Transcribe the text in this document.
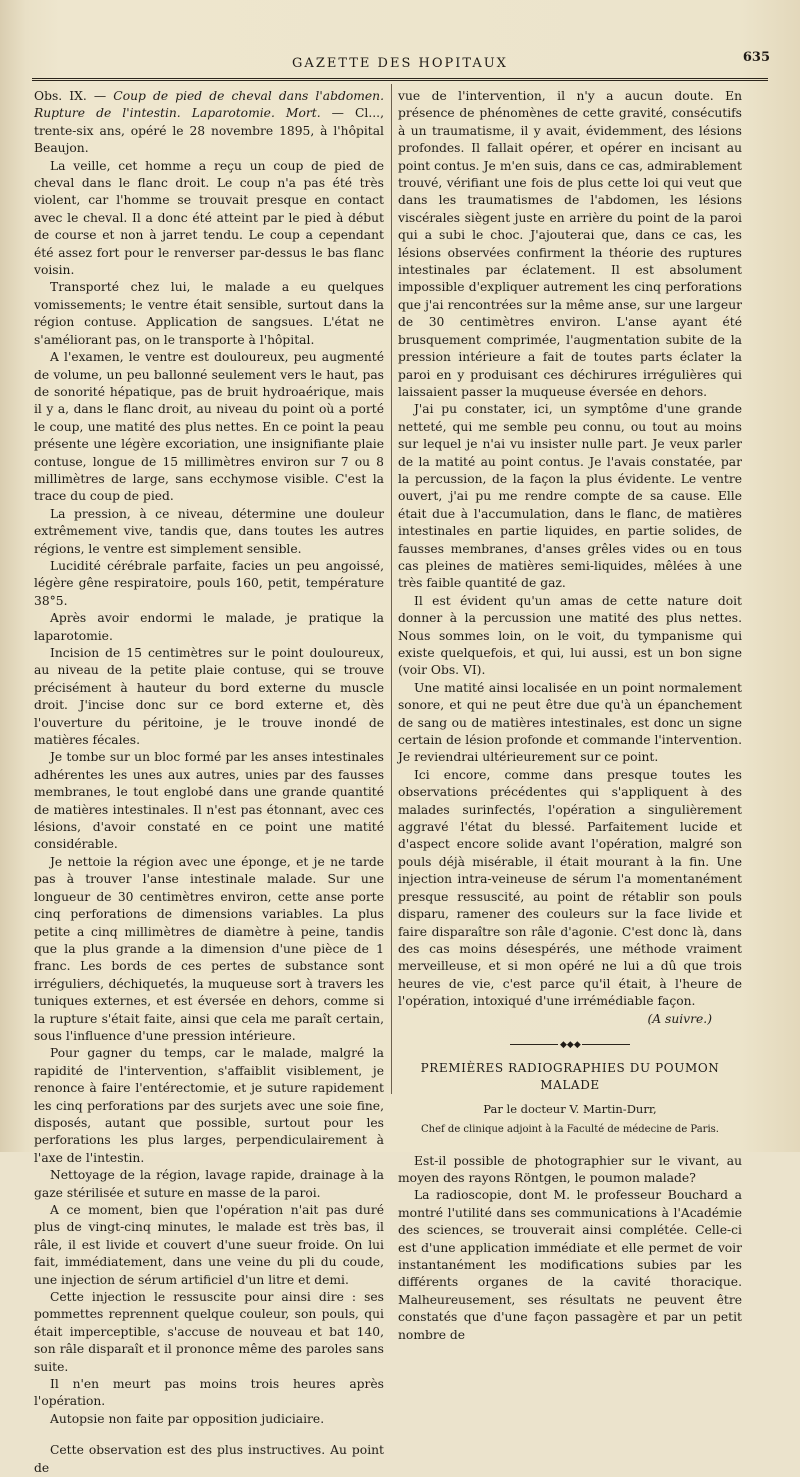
GAZETTE DES HOPITAUX	635

Obs. IX. — Coup de pied de cheval dans l'abdomen. Rupture de l'intestin. Laparotomie. Mort. — Cl..., trente-six ans, opéré le 28 novembre 1895, à l'hôpital Beaujon.

La veille, cet homme a reçu un coup de pied de cheval dans le flanc droit. Le coup n'a pas été très violent, car l'homme se trouvait presque en contact avec le cheval. Il a donc été atteint par le pied à début de course et non à jarret tendu. Le coup a cependant été assez fort pour le renverser par-dessus le bas flanc voisin.

Transporté chez lui, le malade a eu quelques vomissements; le ventre était sensible, surtout dans la région contuse. Application de sangsues. L'état ne s'améliorant pas, on le transporte à l'hôpital.

A l'examen, le ventre est douloureux, peu augmenté de volume, un peu ballonné seulement vers le haut, pas de sonorité hépatique, pas de bruit hydroaérique, mais il y a, dans le flanc droit, au niveau du point où a porté le coup, une matité des plus nettes. En ce point la peau présente une légère excoriation, une insignifiante plaie contuse, longue de 15 millimètres environ sur 7 ou 8 millimètres de large, sans ecchymose visible. C'est la trace du coup de pied.

La pression, à ce niveau, détermine une douleur extrêmement vive, tandis que, dans toutes les autres régions, le ventre est simplement sensible.

Lucidité cérébrale parfaite, facies un peu angoissé, légère gêne respiratoire, pouls 160, petit, température 38°5.

Après avoir endormi le malade, je pratique la laparotomie.

Incision de 15 centimètres sur le point douloureux, au niveau de la petite plaie contuse, qui se trouve précisément à hauteur du bord externe du muscle droit. J'incise donc sur ce bord externe et, dès l'ouverture du péritoine, je le trouve inondé de matières fécales.

Je tombe sur un bloc formé par les anses intestinales adhérentes les unes aux autres, unies par des fausses membranes, le tout englobé dans une grande quantité de matières intestinales. Il n'est pas étonnant, avec ces lésions, d'avoir constaté en ce point une matité considérable.

Je nettoie la région avec une éponge, et je ne tarde pas à trouver l'anse intestinale malade. Sur une longueur de 30 centimètres environ, cette anse porte cinq perforations de dimensions variables. La plus petite a cinq millimètres de diamètre à peine, tandis que la plus grande a la dimension d'une pièce de 1 franc. Les bords de ces pertes de substance sont irréguliers, déchiquetés, la muqueuse sort à travers les tuniques externes, et est éversée en dehors, comme si la rupture s'était faite, ainsi que cela me paraît certain, sous l'influence d'une pression intérieure.

Pour gagner du temps, car le malade, malgré la rapidité de l'intervention, s'affaiblit visiblement, je renonce à faire l'entérectomie, et je suture rapidement les cinq perforations par des surjets avec une soie fine, disposés, autant que possible, surtout pour les perforations les plus larges, perpendiculairement à l'axe de l'intestin.

Nettoyage de la région, lavage rapide, drainage à la gaze stérilisée et suture en masse de la paroi.

A ce moment, bien que l'opération n'ait pas duré plus de vingt-cinq minutes, le malade est très bas, il râle, il est livide et couvert d'une sueur froide. On lui fait, immédiatement, dans une veine du pli du coude, une injection de sérum artificiel d'un litre et demi.

Cette injection le ressuscite pour ainsi dire : ses pommettes reprennent quelque couleur, son pouls, qui était imperceptible, s'accuse de nouveau et bat 140, son râle disparaît et il prononce même des paroles sans suite.

Il n'en meurt pas moins trois heures après l'opération.

Autopsie non faite par opposition judiciaire.

Cette observation est des plus instructives. Au point de

vue de l'intervention, il n'y a aucun doute. En présence de phénomènes de cette gravité, consécutifs à un traumatisme, il y avait, évidemment, des lésions profondes. Il fallait opérer, et opérer en incisant au point contus. Je m'en suis, dans ce cas, admirablement trouvé, vérifiant une fois de plus cette loi qui veut que dans les traumatismes de l'abdomen, les lésions viscérales siègent juste en arrière du point de la paroi qui a subi le choc. J'ajouterai que, dans ce cas, les lésions observées confirment la théorie des ruptures intestinales par éclatement. Il est absolument impossible d'expliquer autrement les cinq perforations que j'ai rencontrées sur la même anse, sur une largeur de 30 centimètres environ. L'anse ayant été brusquement comprimée, l'augmentation subite de la pression intérieure a fait de toutes parts éclater la paroi en y produisant ces déchirures irrégulières qui laissaient passer la muqueuse éversée en dehors.

J'ai pu constater, ici, un symptôme d'une grande netteté, qui me semble peu connu, ou tout au moins sur lequel je n'ai vu insister nulle part. Je veux parler de la matité au point contus. Je l'avais constatée, par la percussion, de la façon la plus évidente. Le ventre ouvert, j'ai pu me rendre compte de sa cause. Elle était due à l'accumulation, dans le flanc, de matières intestinales en partie liquides, en partie solides, de fausses membranes, d'anses grêles vides ou en tous cas pleines de matières semi-liquides, mêlées à une très faible quantité de gaz.

Il est évident qu'un amas de cette nature doit donner à la percussion une matité des plus nettes. Nous sommes loin, on le voit, du tympanisme qui existe quelquefois, et qui, lui aussi, est un bon signe (voir Obs. VI).

Une matité ainsi localisée en un point normalement sonore, et qui ne peut être due qu'à un épanchement de sang ou de matières intestinales, est donc un signe certain de lésion profonde et commande l'intervention. Je reviendrai ultérieurement sur ce point.

Ici encore, comme dans presque toutes les observations précédentes qui s'appliquent à des malades surinfectés, l'opération a singulièrement aggravé l'état du blessé. Parfaitement lucide et d'aspect encore solide avant l'opération, malgré son pouls déjà misérable, il était mourant à la fin. Une injection intra-veineuse de sérum l'a momentanément presque ressuscité, au point de rétablir son pouls disparu, ramener des couleurs sur la face livide et faire disparaître son râle d'agonie. C'est donc là, dans des cas moins désespérés, une méthode vraiment merveilleuse, et si mon opéré ne lui a dû que trois heures de vie, c'est parce qu'il était, à l'heure de l'opération, intoxiqué d'une irrémédiable façon.

(A suivre.)

◆◆◆
PREMIÈRES RADIOGRAPHIES DU POUMON MALADE
Par le docteur V. Martin-Durr,
Chef de clinique adjoint à la Faculté de médecine de Paris.

Est-il possible de photographier sur le vivant, au moyen des rayons Röntgen, le poumon malade?

La radioscopie, dont M. le professeur Bouchard a montré l'utilité dans ses communications à l'Académie des sciences, se trouverait ainsi complétée. Celle-ci est d'une application immédiate et elle permet de voir instantanément les modifications subies par les différents organes de la cavité thoracique. Malheureusement, ses résultats ne peuvent être constatés que d'une façon passagère et par un petit nombre de
